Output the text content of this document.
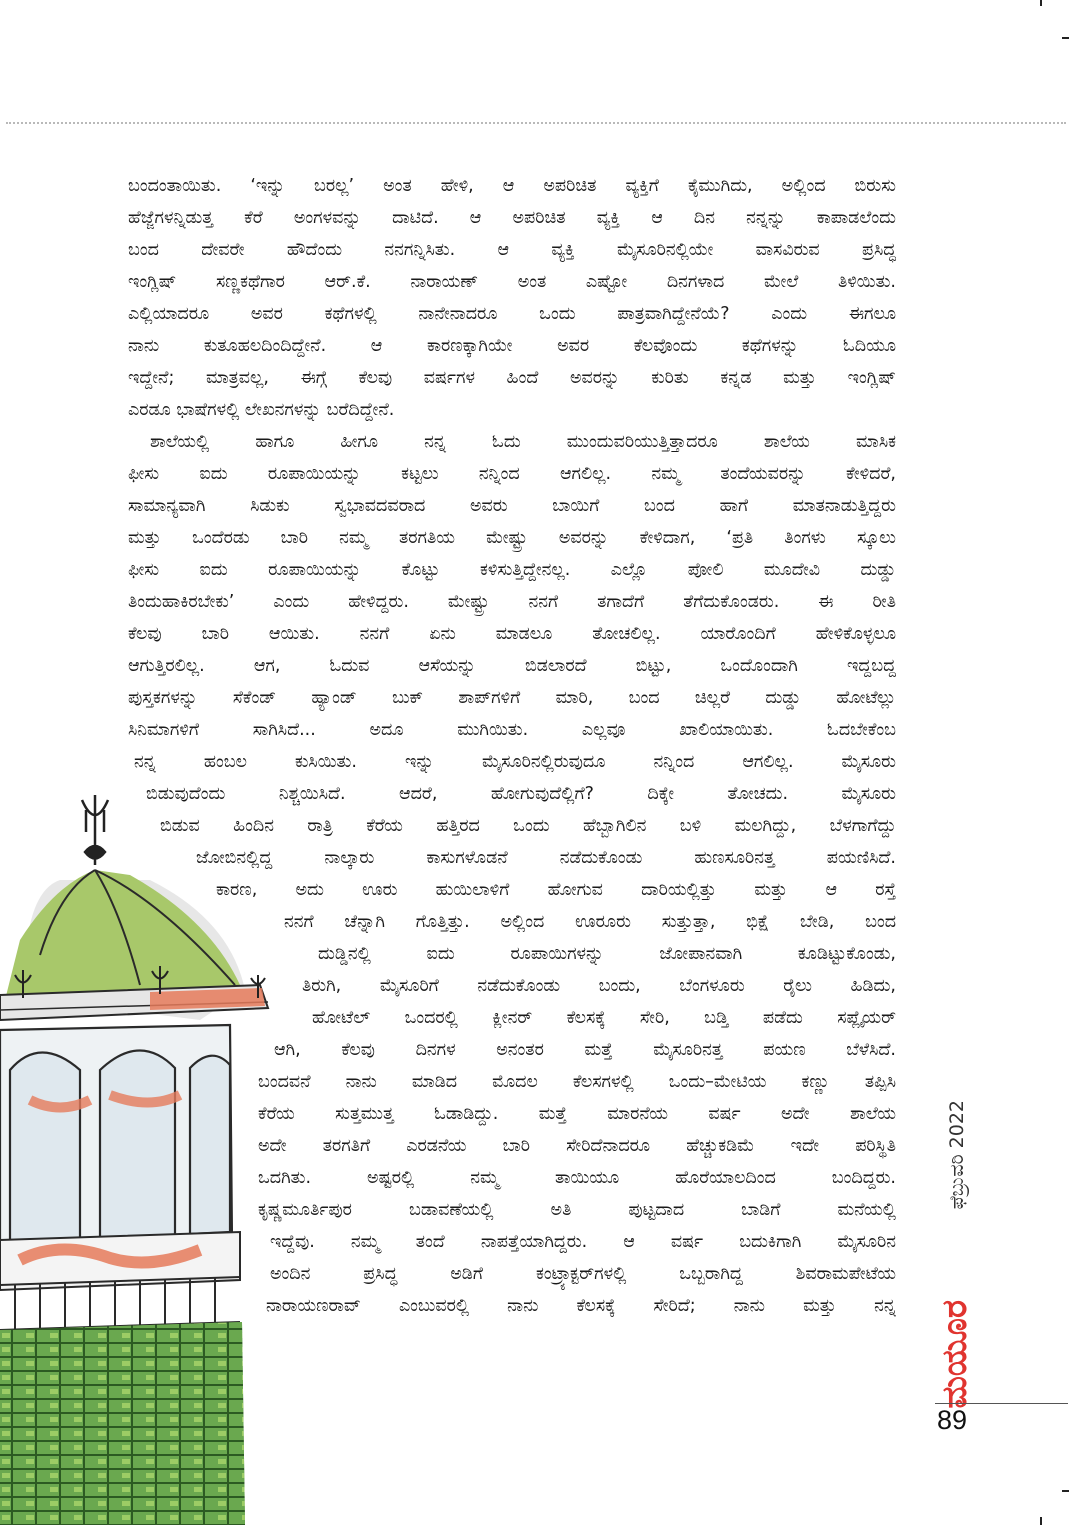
ಬಂದಂತಾಯಿತು. ‘ಇನ್ನು ಬರಲ್ಲ’ ಅಂತ ಹೇಳಿ, ಆ ಅಪರಿಚಿತ ವ್ಯಕ್ತಿಗೆ ಕೈಮುಗಿದು, ಅಲ್ಲಿಂದ ಬಿರುಸು
ಹೆಜ್ಜೆಗಳನ್ನಿಡುತ್ತ ಕೆರೆ ಅಂಗಳವನ್ನು ದಾಟಿದೆ. ಆ ಅಪರಿಚಿತ ವ್ಯಕ್ತಿ ಆ ದಿನ ನನ್ನನ್ನು ಕಾಪಾಡಲೆಂದು
ಬಂದ ದೇವರೇ ಹೌದೆಂದು ನನಗನ್ನಿಸಿತು. ಆ ವ್ಯಕ್ತಿ ಮೈಸೂರಿನಲ್ಲಿಯೇ ವಾಸವಿರುವ ಪ್ರಸಿದ್ಧ
ಇಂಗ್ಲಿಷ್ ಸಣ್ಣಕಥೆಗಾರ ಆರ್.ಕೆ. ನಾರಾಯಣ್ ಅಂತ ಎಷ್ಟೋ ದಿನಗಳಾದ ಮೇಲೆ ತಿಳಿಯಿತು.
ಎಲ್ಲಿಯಾದರೂ ಅವರ ಕಥೆಗಳಲ್ಲಿ ನಾನೇನಾದರೂ ಒಂದು ಪಾತ್ರವಾಗಿದ್ದೇನೆಯೆ? ಎಂದು ಈಗಲೂ
ನಾನು ಕುತೂಹಲದಿಂದಿದ್ದೇನೆ. ಆ ಕಾರಣಕ್ಕಾಗಿಯೇ ಅವರ ಕೆಲವೊಂದು ಕಥೆಗಳನ್ನು ಓದಿಯೂ
ಇದ್ದೇನೆ; ಮಾತ್ರವಲ್ಲ, ಈಗ್ಗೆ ಕೆಲವು ವರ್ಷಗಳ ಹಿಂದೆ ಅವರನ್ನು ಕುರಿತು ಕನ್ನಡ ಮತ್ತು ಇಂಗ್ಲಿಷ್
ಎರಡೂ ಭಾಷೆಗಳಲ್ಲಿ ಲೇಖನಗಳನ್ನು ಬರೆದಿದ್ದೇನೆ.
ಶಾಲೆಯಲ್ಲಿ ಹಾಗೂ ಹೀಗೂ ನನ್ನ ಓದು ಮುಂದುವರಿಯುತ್ತಿತ್ತಾದರೂ ಶಾಲೆಯ ಮಾಸಿಕ
ಫೀಸು ಐದು ರೂಪಾಯಿಯನ್ನು ಕಟ್ಟಲು ನನ್ನಿಂದ ಆಗಲಿಲ್ಲ. ನಮ್ಮ ತಂದೆಯವರನ್ನು ಕೇಳಿದರೆ,
ಸಾಮಾನ್ಯವಾಗಿ ಸಿಡುಕು ಸ್ವಭಾವದವರಾದ ಅವರು ಬಾಯಿಗೆ ಬಂದ ಹಾಗೆ ಮಾತನಾಡುತ್ತಿದ್ದರು
ಮತ್ತು ಒಂದೆರಡು ಬಾರಿ ನಮ್ಮ ತರಗತಿಯ ಮೇಷ್ಟ್ರು ಅವರನ್ನು ಕೇಳಿದಾಗ, ‘ಪ್ರತಿ ತಿಂಗಳು ಸ್ಕೂಲು
ಫೀಸು ಐದು ರೂಪಾಯಿಯನ್ನು ಕೊಟ್ಟು ಕಳಿಸುತ್ತಿದ್ದೇನಲ್ಲ. ಎಲ್ಲೊ ಪೋಲಿ ಮೂದೇವಿ ದುಡ್ಡು
ತಿಂದುಹಾಕಿರಬೇಕು’ ಎಂದು ಹೇಳಿದ್ದರು. ಮೇಷ್ಟ್ರು ನನಗೆ ತಗಾದೆಗೆ ತೆಗೆದುಕೊಂಡರು. ಈ ರೀತಿ
ಕೆಲವು ಬಾರಿ ಆಯಿತು. ನನಗೆ ಏನು ಮಾಡಲೂ ತೋಚಲಿಲ್ಲ. ಯಾರೊಂದಿಗೆ ಹೇಳಿಕೊಳ್ಳಲೂ
ಆಗುತ್ತಿರಲಿಲ್ಲ. ಆಗ, ಓದುವ ಆಸೆಯನ್ನು ಬಿಡಲಾರದೆ ಬಿಟ್ಟು, ಒಂದೊಂದಾಗಿ ಇದ್ದಬದ್ದ
ಪುಸ್ತಕಗಳನ್ನು ಸೆಕೆಂಡ್ ಹ್ಯಾಂಡ್ ಬುಕ್ ಶಾಪ್‌ಗಳಿಗೆ ಮಾರಿ, ಬಂದ ಚಿಲ್ಲರೆ ದುಡ್ಡು ಹೋಟೆಲ್ಲು
ಸಿನಿಮಾಗಳಿಗೆ ಸಾಗಿಸಿದೆ... ಅದೂ ಮುಗಿಯಿತು. ಎಲ್ಲವೂ ಖಾಲಿಯಾಯಿತು. ಓದಬೇಕೆಂಬ
ನನ್ನ ಹಂಬಲ ಕುಸಿಯಿತು. ಇನ್ನು ಮೈಸೂರಿನಲ್ಲಿರುವುದೂ ನನ್ನಿಂದ ಆಗಲಿಲ್ಲ. ಮೈಸೂರು
ಬಿಡುವುದೆಂದು ನಿಶ್ಚಯಿಸಿದೆ. ಆದರೆ, ಹೋಗುವುದೆಲ್ಲಿಗೆ? ದಿಕ್ಕೇ ತೋಚದು. ಮೈಸೂರು
ಬಿಡುವ ಹಿಂದಿನ ರಾತ್ರಿ ಕೆರೆಯ ಹತ್ತಿರದ ಒಂದು ಹೆಬ್ಬಾಗಿಲಿನ ಬಳಿ ಮಲಗಿದ್ದು, ಬೆಳಗಾಗೆದ್ದು
ಜೋಬಿನಲ್ಲಿದ್ದ ನಾಲ್ಕಾರು ಕಾಸುಗಳೊಡನೆ ನಡೆದುಕೊಂಡು ಹುಣಸೂರಿನತ್ತ ಪಯಣಿಸಿದೆ.
ಕಾರಣ, ಅದು ಊರು ಹುಯಿಲಾಳಿಗೆ ಹೋಗುವ ದಾರಿಯಲ್ಲಿತ್ತು ಮತ್ತು ಆ ರಸ್ತೆ
ನನಗೆ ಚೆನ್ನಾಗಿ ಗೊತ್ತಿತ್ತು. ಅಲ್ಲಿಂದ ಊರೂರು ಸುತ್ತುತ್ತಾ, ಭಿಕ್ಷೆ ಬೇಡಿ, ಬಂದ
ದುಡ್ಡಿನಲ್ಲಿ ಐದು ರೂಪಾಯಿಗಳನ್ನು ಜೋಪಾನವಾಗಿ ಕೂಡಿಟ್ಟುಕೊಂಡು,
ತಿರುಗಿ, ಮೈಸೂರಿಗೆ ನಡೆದುಕೊಂಡು ಬಂದು, ಬೆಂಗಳೂರು ರೈಲು ಹಿಡಿದು,
ಹೋಟೆಲ್ ಒಂದರಲ್ಲಿ ಕ್ಲೀನರ್ ಕೆಲಸಕ್ಕೆ ಸೇರಿ, ಬಡ್ತಿ ಪಡೆದು ಸಪ್ಲೈಯರ್
ಆಗಿ, ಕೆಲವು ದಿನಗಳ ಅನಂತರ ಮತ್ತೆ ಮೈಸೂರಿನತ್ತ ಪಯಣ ಬೆಳೆಸಿದೆ.
ಬಂದವನೆ ನಾನು ಮಾಡಿದ ಮೊದಲ ಕೆಲಸಗಳಲ್ಲಿ ಒಂದು–ಮೇಟಿಯ ಕಣ್ಣು ತಪ್ಪಿಸಿ
ಕೆರೆಯ ಸುತ್ತಮುತ್ತ ಓಡಾಡಿದ್ದು. ಮತ್ತೆ ಮಾರನೆಯ ವರ್ಷ ಅದೇ ಶಾಲೆಯ
ಅದೇ ತರಗತಿಗೆ ಎರಡನೆಯ ಬಾರಿ ಸೇರಿದೆನಾದರೂ ಹೆಚ್ಚುಕಡಿಮೆ ಇದೇ ಪರಿಸ್ಥಿತಿ
ಒದಗಿತು. ಅಷ್ಟರಲ್ಲಿ ನಮ್ಮ ತಾಯಿಯೂ ಹೊರೆಯಾಲದಿಂದ ಬಂದಿದ್ದರು.
ಕೃಷ್ಣಮೂರ್ತಿಪುರ ಬಡಾವಣೆಯಲ್ಲಿ ಅತಿ ಪುಟ್ಟದಾದ ಬಾಡಿಗೆ ಮನೆಯಲ್ಲಿ
ಇದ್ದೆವು. ನಮ್ಮ ತಂದೆ ನಾಪತ್ತೆಯಾಗಿದ್ದರು. ಆ ವರ್ಷ ಬದುಕಿಗಾಗಿ ಮೈಸೂರಿನ
ಅಂದಿನ ಪ್ರಸಿದ್ಧ ಅಡಿಗೆ ಕಂಟ್ರ್ಯಾಕ್ಟರ್‌ಗಳಲ್ಲಿ ಒಬ್ಬರಾಗಿದ್ದ ಶಿವರಾಮಪೇಟೆಯ
ನಾರಾಯಣರಾವ್ ಎಂಬುವರಲ್ಲಿ ನಾನು ಕೆಲಸಕ್ಕೆ ಸೇರಿದೆ; ನಾನು ಮತ್ತು ನನ್ನ
ಫೆಬ್ರುವರಿ 2022
ಮಯೂರ
89
